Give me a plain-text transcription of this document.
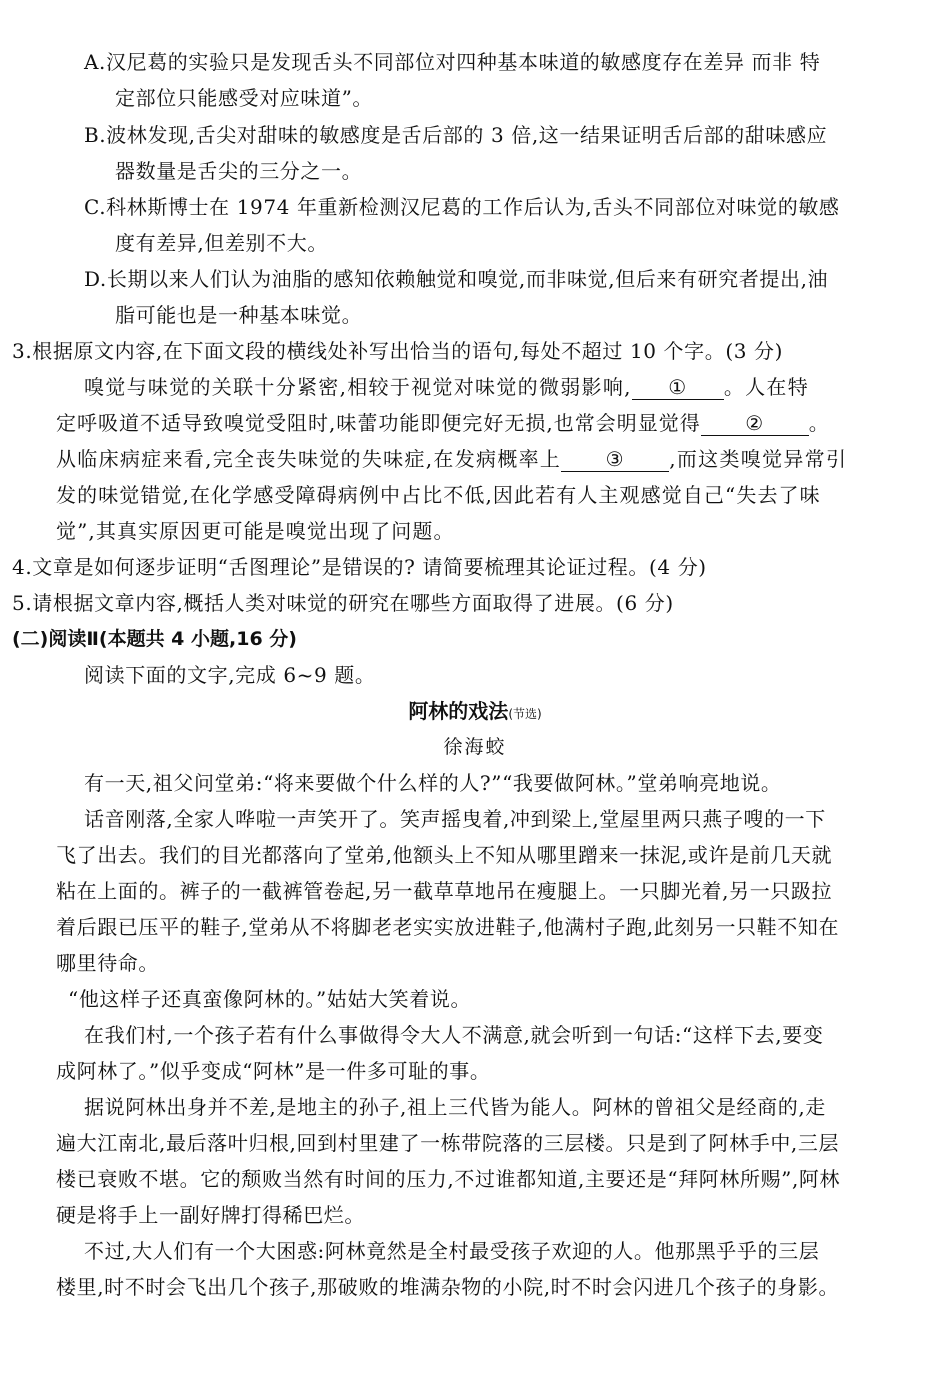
A.汉尼葛的实验只是发现舌头不同部位对四种基本味道的敏感度存在差异 而非 特
定部位只能感受对应味道”。
B.波林发现,舌尖对甜味的敏感度是舌后部的 3 倍,这一结果证明舌后部的甜味感应
器数量是舌尖的三分之一。
C.科林斯博士在 1974 年重新检测汉尼葛的工作后认为,舌头不同部位对味觉的敏感
度有差异,但差别不大。
D.长期以来人们认为油脂的感知依赖触觉和嗅觉,而非味觉,但后来有研究者提出,油
脂可能也是一种基本味觉。
3.根据原文内容,在下面文段的横线处补写出恰当的语句,每处不超过 10 个字。(3 分)
嗅觉与味觉的关联十分紧密,相较于视觉对味觉的微弱影响, ① 。人在特
定呼吸道不适导致嗅觉受阻时,味蕾功能即便完好无损,也常会明显觉得 ② 。
从临床病症来看,完全丧失味觉的失味症,在发病概率上 ③ ,而这类嗅觉异常引
发的味觉错觉,在化学感受障碍病例中占比不低,因此若有人主观感觉自己“失去了味
觉”,其真实原因更可能是嗅觉出现了问题。
4.文章是如何逐步证明“舌图理论”是错误的? 请简要梳理其论证过程。(4 分)
5.请根据文章内容,概括人类对味觉的研究在哪些方面取得了进展。(6 分)
(二)阅读Ⅱ(本题共 4 小题,16 分)
阅读下面的文字,完成 6~9 题。
阿林的戏法(节选)
徐海蛟
有一天,祖父问堂弟:“将来要做个什么样的人?”“我要做阿林。”堂弟响亮地说。
话音刚落,全家人哗啦一声笑开了。笑声摇曳着,冲到梁上,堂屋里两只燕子嗖的一下
飞了出去。我们的目光都落向了堂弟,他额头上不知从哪里蹭来一抹泥,或许是前几天就
粘在上面的。裤子的一截裤管卷起,另一截草草地吊在瘦腿上。一只脚光着,另一只趿拉
着后跟已压平的鞋子,堂弟从不将脚老老实实放进鞋子,他满村子跑,此刻另一只鞋不知在
哪里待命。
“他这样子还真蛮像阿林的。”姑姑大笑着说。
在我们村,一个孩子若有什么事做得令大人不满意,就会听到一句话:“这样下去,要变
成阿林了。”似乎变成“阿林”是一件多可耻的事。
据说阿林出身并不差,是地主的孙子,祖上三代皆为能人。阿林的曾祖父是经商的,走
遍大江南北,最后落叶归根,回到村里建了一栋带院落的三层楼。只是到了阿林手中,三层
楼已衰败不堪。它的颓败当然有时间的压力,不过谁都知道,主要还是“拜阿林所赐”,阿林
硬是将手上一副好牌打得稀巴烂。
不过,大人们有一个大困惑:阿林竟然是全村最受孩子欢迎的人。他那黑乎乎的三层
楼里,时不时会飞出几个孩子,那破败的堆满杂物的小院,时不时会闪进几个孩子的身影。
